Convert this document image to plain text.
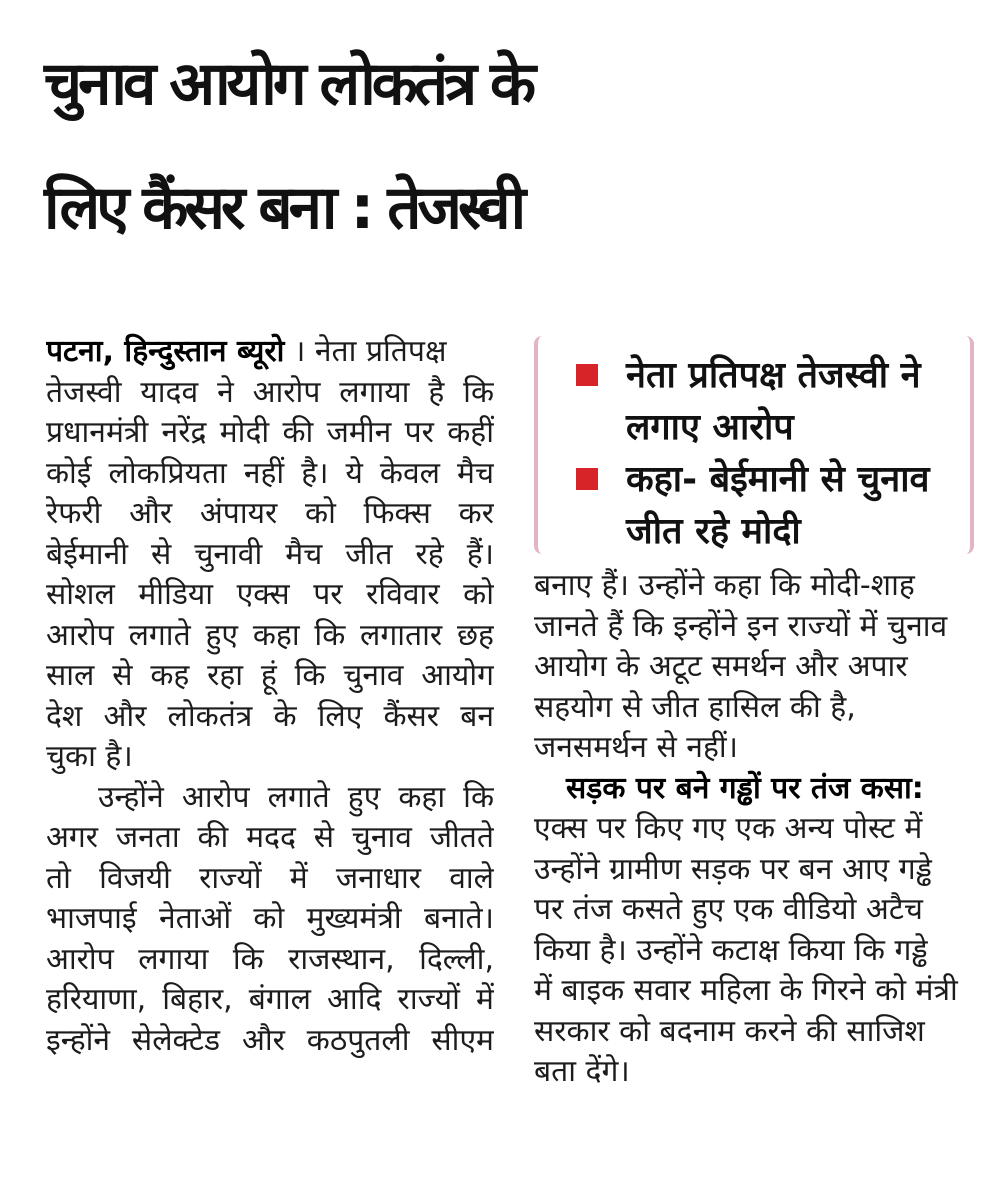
चुनाव आयोग लोकतंत्र के
लिए कैंसर बना : तेजस्वी
पटना, हिन्दुस्तान ब्यूरो । नेता प्रतिपक्ष
तेजस्वी यादव ने आरोप लगाया है कि
प्रधानमंत्री नरेंद्र मोदी की जमीन पर कहीं
कोई लोकप्रियता नहीं है। ये केवल मैच
रेफरी और अंपायर को फिक्स कर
बेईमानी से चुनावी मैच जीत रहे हैं।
सोशल मीडिया एक्स पर रविवार को
आरोप लगाते हुए कहा कि लगातार छह
साल से कह रहा हूं कि चुनाव आयोग
देश और लोकतंत्र के लिए कैंसर बन
चुका है।
उन्होंने आरोप लगाते हुए कहा कि
अगर जनता की मदद से चुनाव जीतते
तो विजयी राज्यों में जनाधार वाले
भाजपाई नेताओं को मुख्यमंत्री बनाते।
आरोप लगाया कि राजस्थान, दिल्ली,
हरियाणा, बिहार, बंगाल आदि राज्यों में
इन्होंने सेलेक्टेड और कठपुतली सीएम
नेता प्रतिपक्ष तेजस्वी ने
लगाए आरोप
कहा- बेईमानी से चुनाव
जीत रहे मोदी
बनाए हैं। उन्होंने कहा कि मोदी-शाह
जानते हैं कि इन्होंने इन राज्यों में चुनाव
आयोग के अटूट समर्थन और अपार
सहयोग से जीत हासिल की है,
जनसमर्थन से नहीं।
सड़क पर बने गड्ढों पर तंज कसा:
एक्स पर किए गए एक अन्य पोस्ट में
उन्होंने ग्रामीण सड़क पर बन आए गड्ढे
पर तंज कसते हुए एक वीडियो अटैच
किया है। उन्होंने कटाक्ष किया कि गड्ढे
में बाइक सवार महिला के गिरने को मंत्री
सरकार को बदनाम करने की साजिश
बता देंगे।
